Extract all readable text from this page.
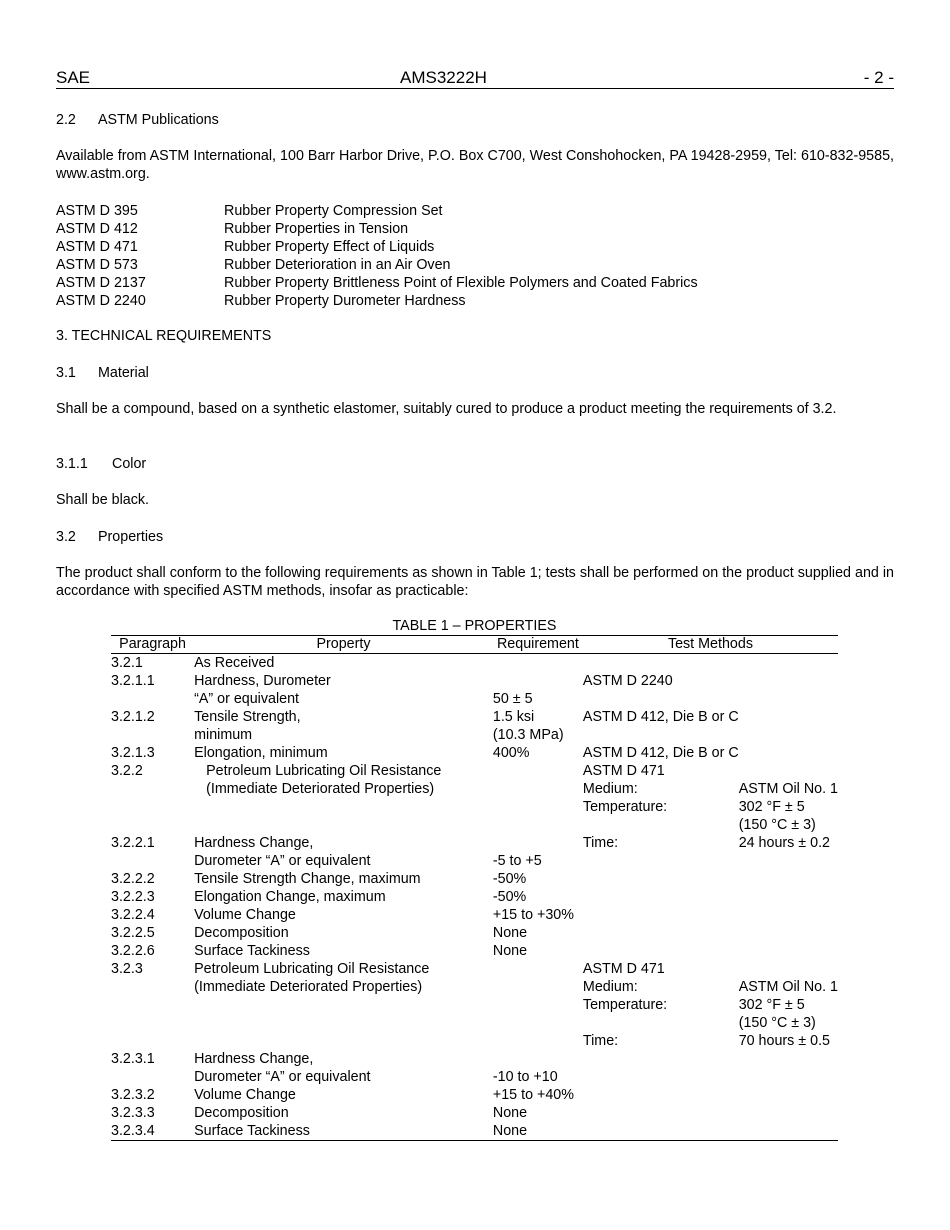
SAE	AMS3222H	- 2 -
2.2 ASTM Publications
Available from ASTM International, 100 Barr Harbor Drive, P.O. Box C700, West Conshohocken, PA 19428-2959, Tel: 610-832-9585, www.astm.org.
ASTM D 395	Rubber Property Compression Set
ASTM D 412	Rubber Properties in Tension
ASTM D 471	Rubber Property Effect of Liquids
ASTM D 573	Rubber Deterioration in an Air Oven
ASTM D 2137	Rubber Property Brittleness Point of Flexible Polymers and Coated Fabrics
ASTM D 2240	Rubber Property Durometer Hardness
3. TECHNICAL REQUIREMENTS
3.1 Material
Shall be a compound, based on a synthetic elastomer, suitably cured to produce a product meeting the requirements of 3.2.
3.1.1 Color
Shall be black.
3.2 Properties
The product shall conform to the following requirements as shown in Table 1; tests shall be performed on the product supplied and in accordance with specified ASTM methods, insofar as practicable:
TABLE 1 – PROPERTIES
Paragraph	Property	Requirement	Test Methods	
3.2.1	As Received			
3.2.1.1	Hardness, Durometer		ASTM D 2240	
	“A” or equivalent	50 ± 5		
3.2.1.2	Tensile Strength,	1.5 ksi	ASTM D 412, Die B or C	
	minimum	(10.3 MPa)		
3.2.1.3	Elongation, minimum	400%	ASTM D 412, Die B or C	
3.2.2	Petroleum Lubricating Oil Resistance		ASTM D 471	
	(Immediate Deteriorated Properties)		Medium:	ASTM Oil No. 1
			Temperature:	302 °F ± 5
				(150 °C ± 3)
3.2.2.1	Hardness Change,		Time:	24 hours ± 0.2
	Durometer “A” or equivalent	-5 to +5		
3.2.2.2	Tensile Strength Change, maximum	-50%		
3.2.2.3	Elongation Change, maximum	-50%		
3.2.2.4	Volume Change	+15 to +30%		
3.2.2.5	Decomposition	None		
3.2.2.6	Surface Tackiness	None		
3.2.3	Petroleum Lubricating Oil Resistance		ASTM D 471	
	(Immediate Deteriorated Properties)		Medium:	ASTM Oil No. 1
			Temperature:	302 °F ± 5
				(150 °C ± 3)
			Time:	70 hours ± 0.5
3.2.3.1	Hardness Change,			
	Durometer “A” or equivalent	-10 to +10		
3.2.3.2	Volume Change	+15 to +40%		
3.2.3.3	Decomposition	None		
3.2.3.4	Surface Tackiness	None		
